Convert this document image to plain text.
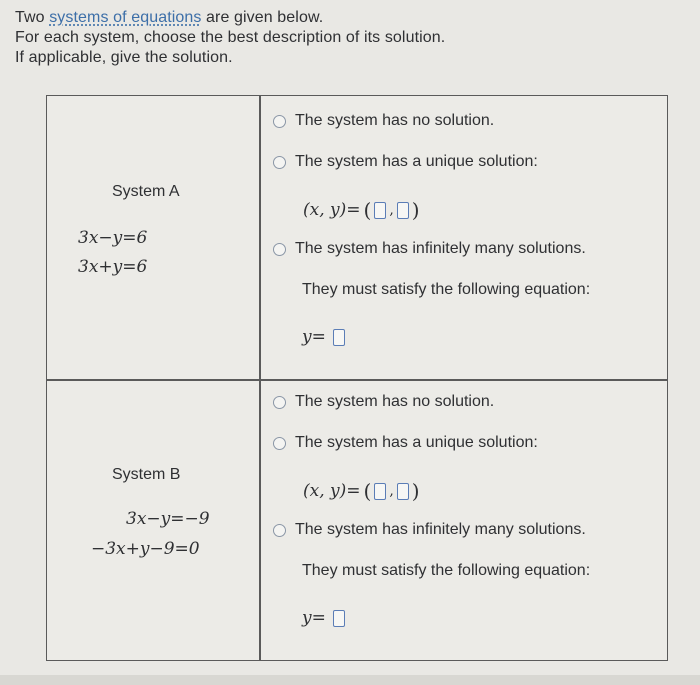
Two systems of equations are given below.
For each system, choose the best description of its solution.
If applicable, give the solution.
System A
3x−y=6
3x+y=6
The system has no solution.
The system has a unique solution:
(x, y)= ( , )
The system has infinitely many solutions.
They must satisfy the following equation:
y=
System B
3x−y=−9
−3x+y−9=0
The system has no solution.
The system has a unique solution:
(x, y)= ( , )
The system has infinitely many solutions.
They must satisfy the following equation:
y=
